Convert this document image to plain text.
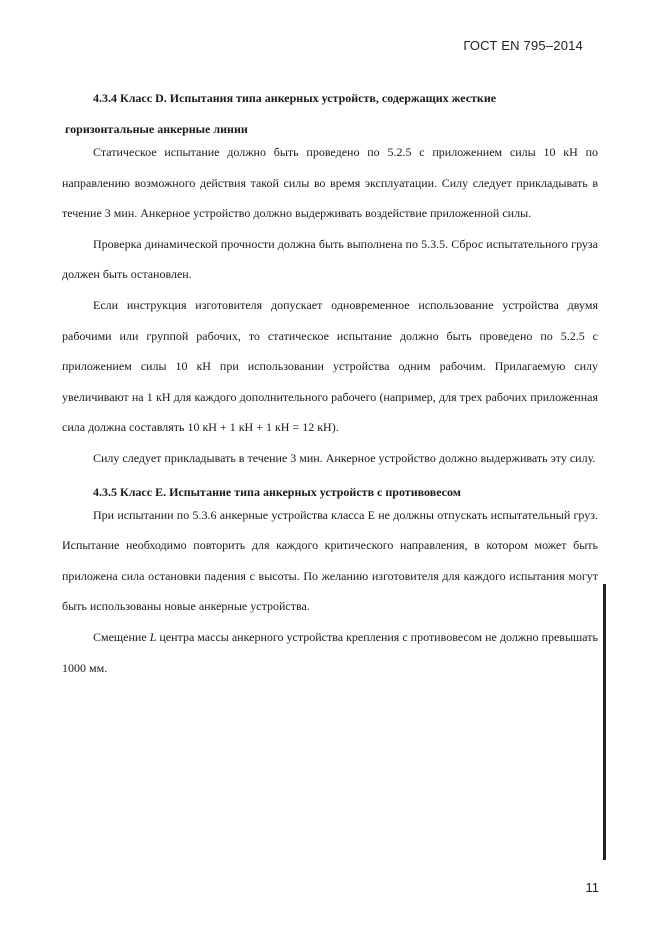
ГОСТ EN 795–2014
4.3.4 Класс D. Испытания типа анкерных устройств, содержащих жесткие
горизонтальные анкерные линии

Статическое испытание должно быть проведено по 5.2.5 с приложением силы 10 кН по направлению возможного действия такой силы во время эксплуатации. Силу следует прикладывать в течение 3 мин. Анкерное устройство должно выдерживать воздействие приложенной силы.

Проверка динамической прочности должна быть выполнена по 5.3.5. Сброс испытательного груза должен быть остановлен.

Если инструкция изготовителя допускает одновременное использование устройства двумя рабочими или группой рабочих, то статическое испытание должно быть проведено по 5.2.5 с приложением силы 10 кН при использовании устройства одним рабочим. Прилагаемую силу увеличивают на 1 кН для каждого дополнительного рабочего (например, для трех рабочих приложенная сила должна составлять 10 кН + 1 кН + 1 кН = 12 кН).

Силу следует прикладывать в течение 3 мин. Анкерное устройство должно выдерживать эту силу.

4.3.5 Класс E. Испытание типа анкерных устройств с противовесом

При испытании по 5.3.6 анкерные устройства класса E не должны отпускать испытательный груз. Испытание необходимо повторить для каждого критического направления, в котором может быть приложена сила остановки падения с высоты. По желанию изготовителя для каждого испытания могут быть использованы новые анкерные устройства.

Смещение L центра массы анкерного устройства крепления с противовесом не должно превышать 1000 мм.

11
